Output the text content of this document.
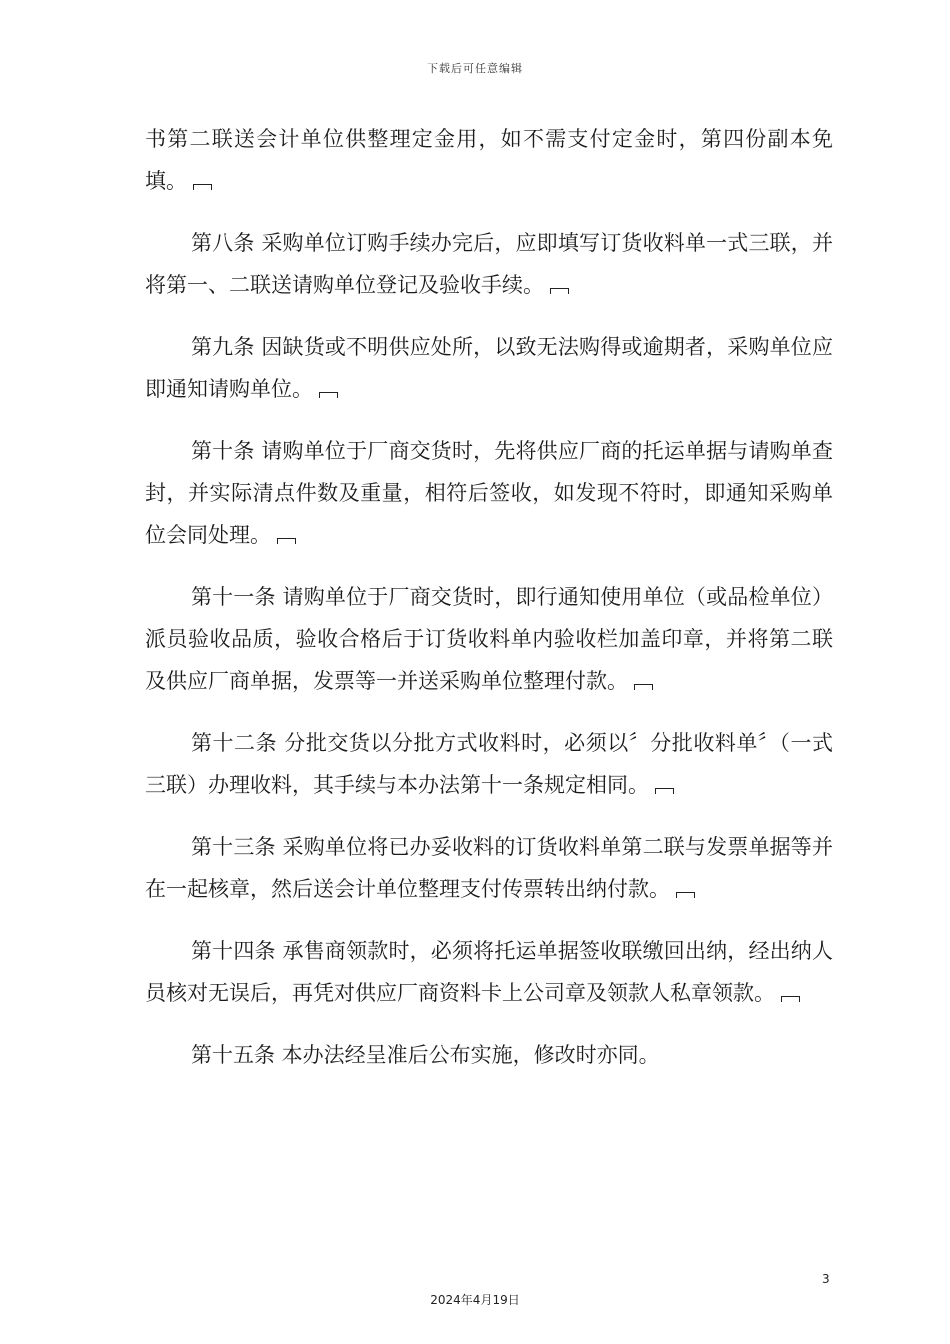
下载后可任意编辑

书第二联送会计单位供整理定金用，如不需支付定金时，第四份副本免填。

第八条 采购单位订购手续办完后，应即填写订货收料单一式三联，并将第一、二联送请购单位登记及验收手续。

第九条 因缺货或不明供应处所，以致无法购得或逾期者，采购单位应即通知请购单位。

第十条 请购单位于厂商交货时，先将供应厂商的托运单据与请购单查封，并实际清点件数及重量，相符后签收，如发现不符时，即通知采购单位会同处理。

第十一条 请购单位于厂商交货时，即行通知使用单位（或品检单位）派员验收品质，验收合格后于订货收料单内验收栏加盖印章，并将第二联及供应厂商单据，发票等一并送采购单位整理付款。

第十二条 分批交货以分批方式收料时，必须以〞分批收料单〞（一式三联）办理收料，其手续与本办法第十一条规定相同。

第十三条 采购单位将已办妥收料的订货收料单第二联与发票单据等并在一起核章，然后送会计单位整理支付传票转出纳付款。

第十四条 承售商领款时，必须将托运单据签收联缴回出纳，经出纳人员核对无误后，再凭对供应厂商资料卡上公司章及领款人私章领款。

第十五条 本办法经呈准后公布实施，修改时亦同。

3
2024年4月19日
